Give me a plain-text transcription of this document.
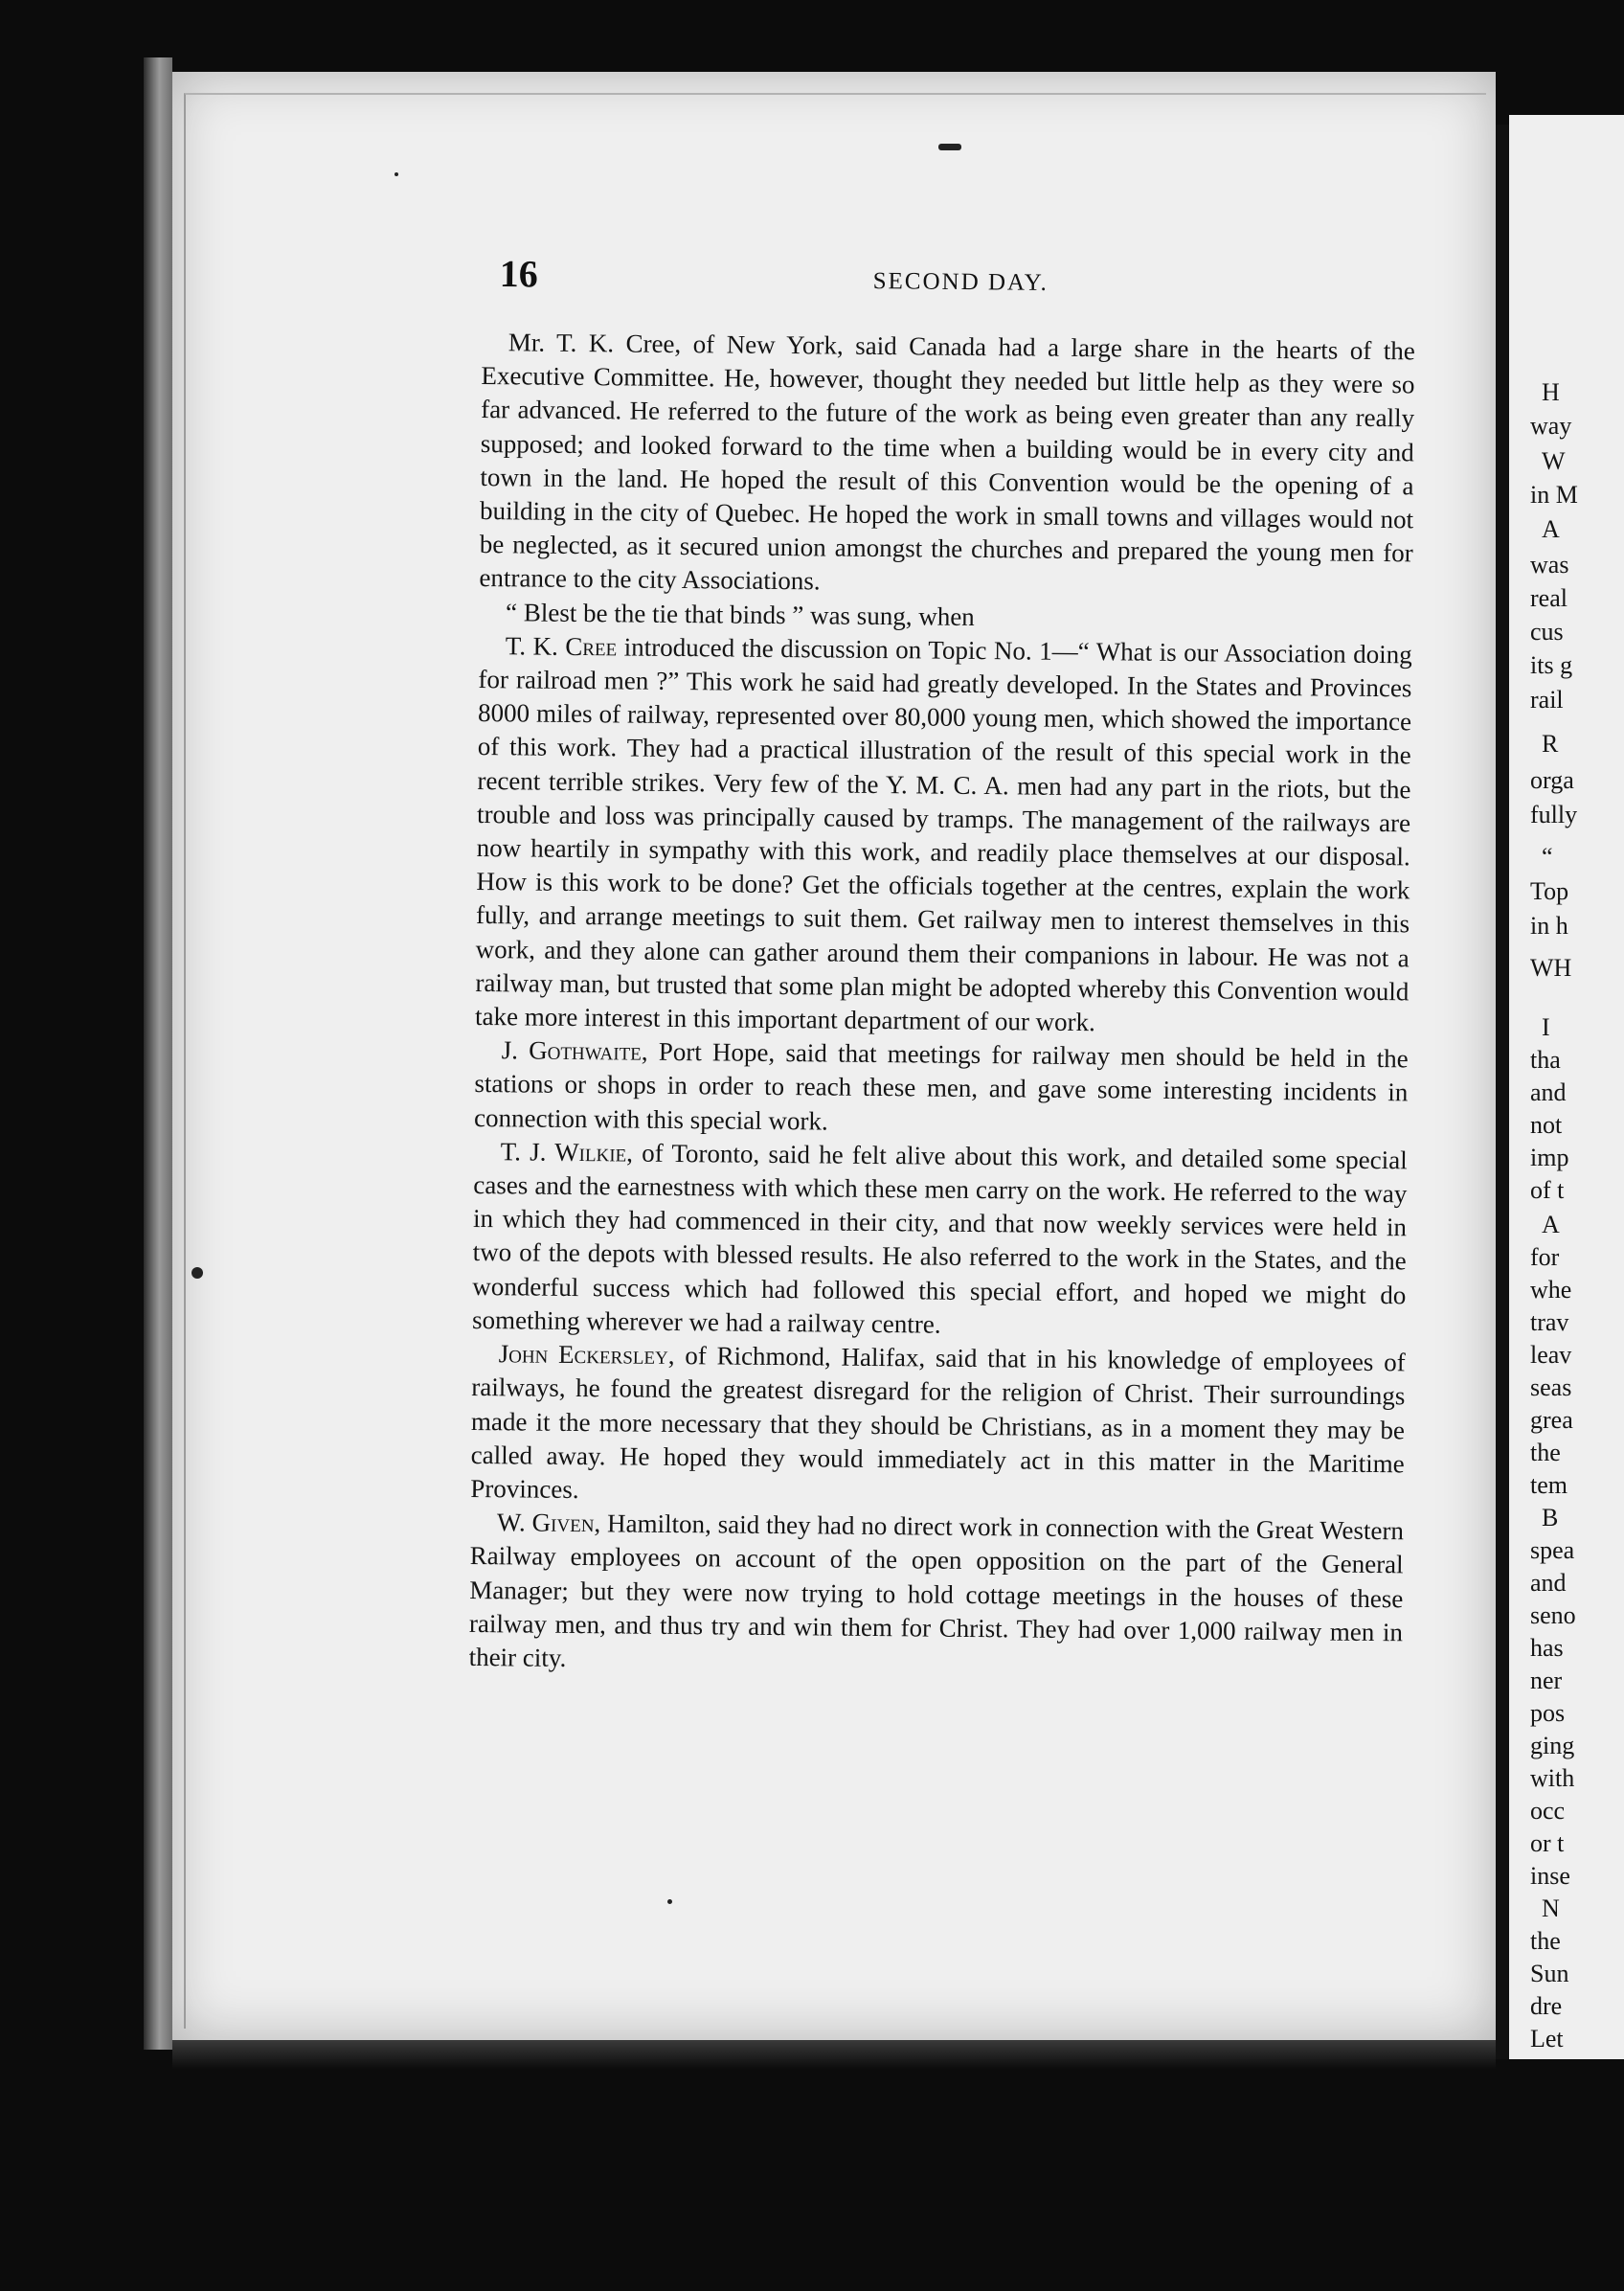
16	SECOND DAY.

Mr. T. K. Cree, of New York, said Canada had a large share in the hearts of the Executive Committee. He, however, thought they needed but little help as they were so far advanced. He referred to the future of the work as being even greater than any really supposed; and looked forward to the time when a building would be in every city and town in the land. He hoped the result of this Convention would be the opening of a building in the city of Quebec. He hoped the work in small towns and villages would not be neglected, as it secured union amongst the churches and prepared the young men for entrance to the city Associations.

“ Blest be the tie that binds ” was sung, when

T. K. Cree introduced the discussion on Topic No. 1—“ What is our Association doing for railroad men ?” This work he said had greatly developed. In the States and Provinces 8000 miles of railway, represented over 80,000 young men, which showed the importance of this work. They had a practical illustration of the result of this special work in the recent terrible strikes. Very few of the Y. M. C. A. men had any part in the riots, but the trouble and loss was principally caused by tramps. The management of the railways are now heartily in sympathy with this work, and readily place themselves at our disposal. How is this work to be done? Get the officials together at the centres, explain the work fully, and arrange meetings to suit them. Get railway men to interest themselves in this work, and they alone can gather around them their companions in labour. He was not a railway man, but trusted that some plan might be adopted whereby this Convention would take more interest in this important department of our work.

J. Gothwaite, Port Hope, said that meetings for railway men should be held in the stations or shops in order to reach these men, and gave some interesting incidents in connection with this special work.

T. J. Wilkie, of Toronto, said he felt alive about this work, and detailed some special cases and the earnestness with which these men carry on the work. He referred to the way in which they had commenced in their city, and that now weekly services were held in two of the depots with blessed results. He also referred to the work in the States, and the wonderful success which had followed this special effort, and hoped we might do something wherever we had a railway centre.

John Eckersley, of Richmond, Halifax, said that in his knowledge of employees of railways, he found the greatest disregard for the religion of Christ. Their surroundings made it the more necessary that they should be Christians, as in a moment they may be called away. He hoped they would immediately act in this matter in the Maritime Provinces.

W. Given, Hamilton, said they had no direct work in connection with the Great Western Railway employees on account of the open opposition on the part of the General Manager; but they were now trying to hold cottage meetings in the houses of these railway men, and thus try and win them for Christ. They had over 1,000 railway men in their city.

H
way
W
in M
A
was
real
cus
its g
rail
R
orga
fully
“
Top
in h
WH
I
tha
and
not
imp
of t
A
for
whe
trav
leav
seas
grea
the
tem
B
spea
and
seno
has
ner
pos
ging
with
occ
or t
inse
N
the
Sun
dre
Let
